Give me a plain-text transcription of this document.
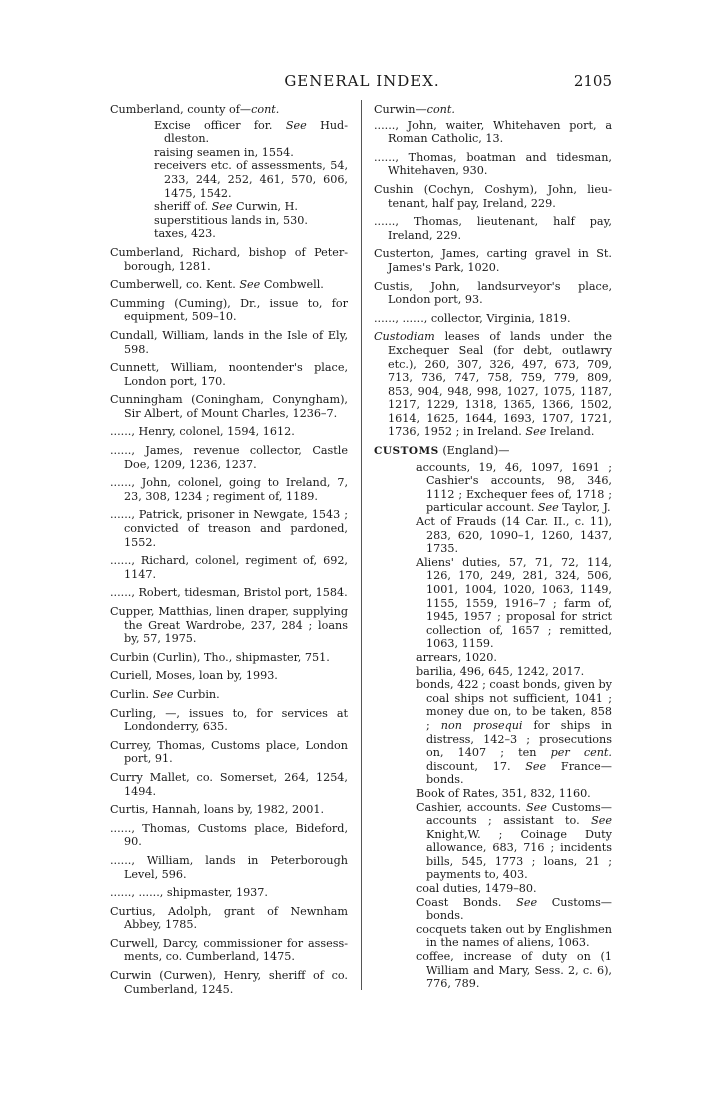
GENERAL INDEX.	2105

Cumberland, county of—cont.

Excise officer for. See Huddleston.

raising seamen in, 1554.

receivers etc. of assessments, 54, 233, 244, 252, 461, 570, 606, 1475, 1542.

sheriff of. See Curwin, H.

superstitious lands in, 530.

taxes, 423.

Cumberland, Richard, bishop of Peterborough, 1281.

Cumberwell, co. Kent. See Combwell.

Cumming (Cuming), Dr., issue to, for equipment, 509–10.

Cundall, William, lands in the Isle of Ely, 598.

Cunnett, William, noontender's place, London port, 170.

Cunningham (Coningham, Conyngham), Sir Albert, of Mount Charles, 1236–7.

......, Henry, colonel, 1594, 1612.

......, James, revenue collector, Castle Doe, 1209, 1236, 1237.

......, John, colonel, going to Ireland, 7, 23, 308, 1234 ; regiment of, 1189.

......, Patrick, prisoner in Newgate, 1543 ; convicted of treason and pardoned, 1552.

......, Richard, colonel, regiment of, 692, 1147.

......, Robert, tidesman, Bristol port, 1584.

Cupper, Matthias, linen draper, supplying the Great Wardrobe, 237, 284 ; loans by, 57, 1975.

Curbin (Curlin), Tho., shipmaster, 751.

Curiell, Moses, loan by, 1993.

Curlin. See Curbin.

Curling, —, issues to, for services at Londonderry, 635.

Currey, Thomas, Customs place, London port, 91.

Curry Mallet, co. Somerset, 264, 1254, 1494.

Curtis, Hannah, loans by, 1982, 2001.

......, Thomas, Customs place, Bideford, 90.

......, William, lands in Peterborough Level, 596.

......, ......, shipmaster, 1937.

Curtius, Adolph, grant of Newnham Abbey, 1785.

Curwell, Darcy, commissioner for assessments, co. Cumberland, 1475.

Curwin (Curwen), Henry, sheriff of co. Cumberland, 1245.

Curwin—cont.

......, John, waiter, Whitehaven port, a Roman Catholic, 13.

......, Thomas, boatman and tidesman, Whitehaven, 930.

Cushin (Cochyn, Coshym), John, lieutenant, half pay, Ireland, 229.

......, Thomas, lieutenant, half pay, Ireland, 229.

Custerton, James, carting gravel in St. James's Park, 1020.

Custis, John, landsurveyor's place, London port, 93.

......, ......, collector, Virginia, 1819.

Custodiam leases of lands under the Exchequer Seal (for debt, outlawry etc.), 260, 307, 326, 497, 673, 709, 713, 736, 747, 758, 759, 779, 809, 853, 904, 948, 998, 1027, 1075, 1187, 1217, 1229, 1318, 1365, 1366, 1502, 1614, 1625, 1644, 1693, 1707, 1721, 1736, 1952 ; in Ireland. See Ireland.

CUSTOMS (England)—

accounts, 19, 46, 1097, 1691 ; Cashier's accounts, 98, 346, 1112 ; Exchequer fees of, 1718 ; particular account. See Taylor, J.

Act of Frauds (14 Car. II., c. 11), 283, 620, 1090–1, 1260, 1437, 1735.

Aliens' duties, 57, 71, 72, 114, 126, 170, 249, 281, 324, 506, 1001, 1004, 1020, 1063, 1149, 1155, 1559, 1916–7 ; farm of, 1945, 1957 ; proposal for strict collection of, 1657 ; remitted, 1063, 1159.

arrears, 1020.

barilia, 496, 645, 1242, 2017.

bonds, 422 ; coast bonds, given by coal ships not sufficient, 1041 ; money due on, to be taken, 858 ; non prosequi for ships in distress, 142–3 ; prosecutions on, 1407 ; ten per cent. discount, 17. See France—bonds.

Book of Rates, 351, 832, 1160.

Cashier, accounts. See Customs— accounts ; assistant to. See Knight,W. ; Coinage Duty allowance, 683, 716 ; incidents bills, 545, 1773 ; loans, 21 ; payments to, 403.

coal duties, 1479–80.

Coast Bonds. See Customs—bonds.

cocquets taken out by Englishmen in the names of aliens, 1063.

coffee, increase of duty on (1 William and Mary, Sess. 2, c. 6), 776, 789.
